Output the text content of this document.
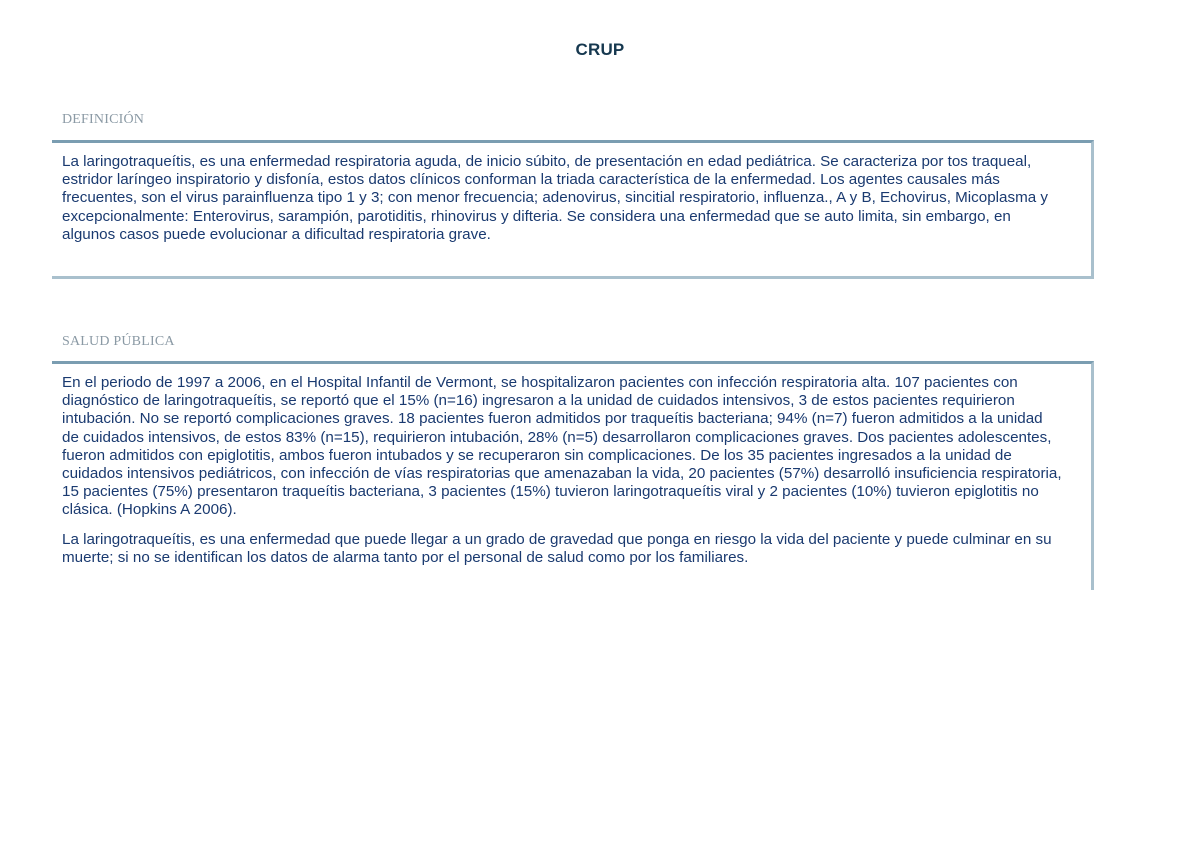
CRUP
DEFINICIÓN

La laringotraqueítis, es una enfermedad respiratoria aguda, de inicio súbito, de presentación en edad pediátrica. Se caracteriza por tos traqueal, estridor laríngeo inspiratorio y disfonía, estos datos clínicos conforman la triada característica de la enfermedad. Los agentes causales más frecuentes, son el virus parainfluenza tipo 1 y 3; con menor frecuencia; adenovirus, sincitial respiratorio, influenza., A y B, Echovirus, Micoplasma y excepcionalmente: Enterovirus, sarampión, parotiditis, rhinovirus y difteria. Se considera una enfermedad que se auto limita, sin embargo, en algunos casos puede evolucionar a dificultad respiratoria grave.

SALUD PÚBLICA

En el periodo de 1997 a 2006, en el Hospital Infantil de Vermont, se hospitalizaron pacientes con infección respiratoria alta. 107 pacientes con diagnóstico de laringotraqueítis, se reportó que el 15% (n=16) ingresaron a la unidad de cuidados intensivos, 3 de estos pacientes requirieron intubación. No se reportó complicaciones graves. 18 pacientes fueron admitidos por traqueítis bacteriana; 94% (n=7) fueron admitidos a la unidad de cuidados intensivos, de estos 83% (n=15), requirieron intubación, 28% (n=5) desarrollaron complicaciones graves. Dos pacientes adolescentes, fueron admitidos con epiglotitis, ambos fueron intubados y se recuperaron sin complicaciones. De los 35 pacientes ingresados a la unidad de cuidados intensivos pediátricos, con infección de vías respiratorias que amenazaban la vida, 20 pacientes (57%) desarrolló insuficiencia respiratoria, 15 pacientes (75%) presentaron traqueítis bacteriana, 3 pacientes (15%) tuvieron laringotraqueítis viral y 2 pacientes (10%) tuvieron epiglotitis no clásica. (Hopkins A 2006).

La laringotraqueítis, es una enfermedad que puede llegar a un grado de gravedad que ponga en riesgo la vida del paciente y puede culminar en su muerte; si no se identifican los datos de alarma tanto por el personal de salud como por los familiares.
